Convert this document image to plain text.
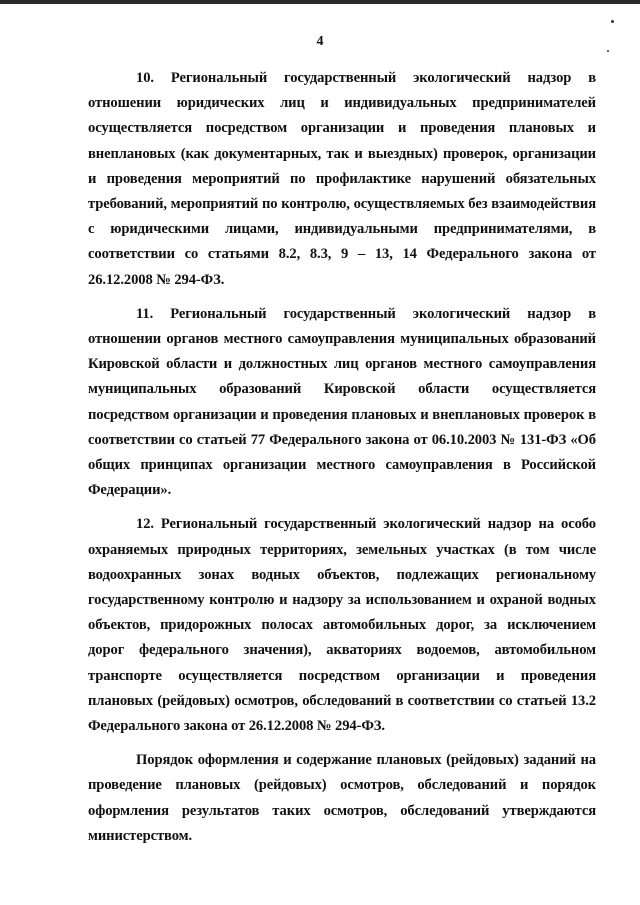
4

10. Региональный государственный экологический надзор в отношении юридических лиц и индивидуальных предпринимателей осуществляется посредством организации и проведения плановых и внеплановых (как документарных, так и выездных) проверок, организации и проведения мероприятий по профилактике нарушений обязательных требований, мероприятий по контролю, осуществляемых без взаимодействия с юридическими лицами, индивидуальными предпринимателями, в соответствии со статьями 8.2, 8.3, 9 – 13, 14 Федерального закона от 26.12.2008 № 294-ФЗ.

11. Региональный государственный экологический надзор в отношении органов местного самоуправления муниципальных образований Кировской области и должностных лиц органов местного самоуправления муниципальных образований Кировской области осуществляется посредством организации и проведения плановых и внеплановых проверок в соответствии со статьей 77 Федерального закона от 06.10.2003 № 131-ФЗ «Об общих принципах организации местного самоуправления в Российской Федерации».

12. Региональный государственный экологический надзор на особо охраняемых природных территориях, земельных участках (в том числе водоохранных зонах водных объектов, подлежащих региональному государственному контролю и надзору за использованием и охраной водных объектов, придорожных полосах автомобильных дорог, за исключением дорог федерального значения), акваториях водоемов, автомобильном транспорте осуществляется посредством организации и проведения плановых (рейдовых) осмотров, обследований в соответствии со статьей 13.2 Федерального закона от 26.12.2008 № 294-ФЗ.

Порядок оформления и содержание плановых (рейдовых) заданий на проведение плановых (рейдовых) осмотров, обследований и порядок оформления результатов таких осмотров, обследований утверждаются министерством.
